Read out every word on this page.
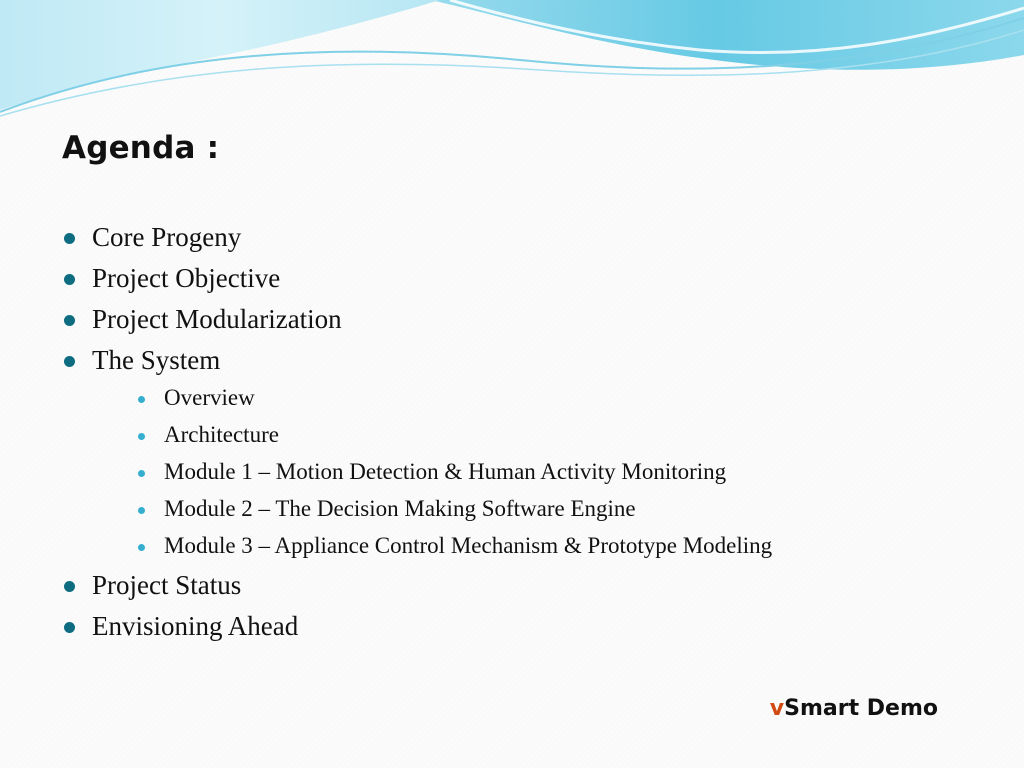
Agenda :
Core Progeny
Project Objective
Project Modularization
The System
Overview
Architecture
Module 1 – Motion Detection & Human Activity Monitoring
Module 2 – The Decision Making Software Engine
Module 3 – Appliance Control Mechanism & Prototype Modeling
Project Status
Envisioning Ahead
vSmart Demo
